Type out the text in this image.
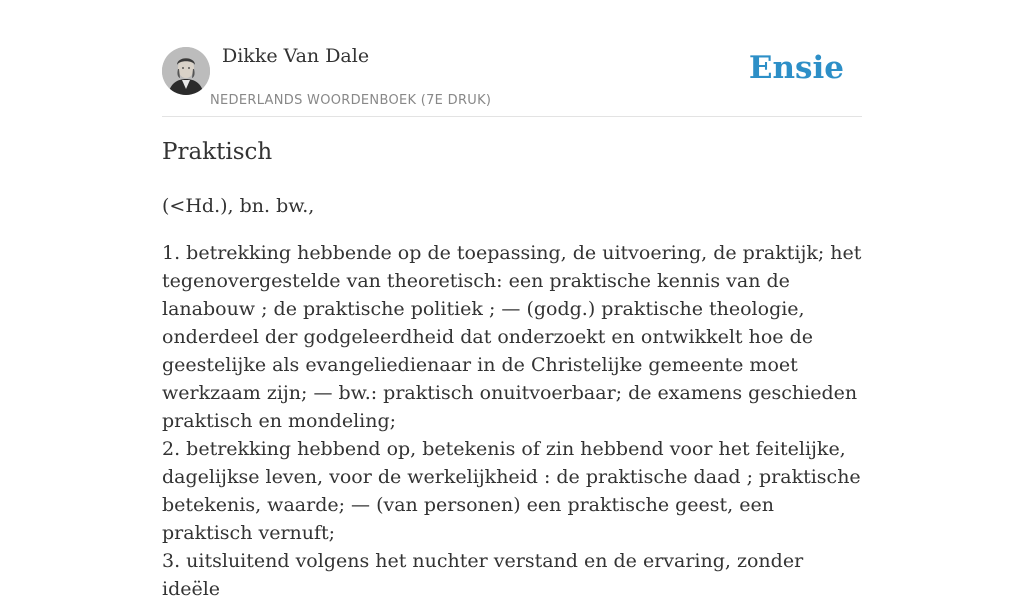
Dikke Van Dale
NEDERLANDS WOORDENBOEK (7E DRUK)
Ensie
Praktisch

(<Hd.), bn. bw.,

1. betrekking hebbende op de toepassing, de uitvoering, de praktijk; het tegenovergestelde van theoretisch: een praktische kennis van de lanabouw ; de praktische politiek ; — (godg.) praktische theologie, onderdeel der godgeleerdheid dat onderzoekt en ontwikkelt hoe de geestelijke als evangeliedienaar in de Christelijke gemeente moet werkzaam zijn; — bw.: praktisch onuitvoerbaar; de examens geschieden praktisch en mondeling;
2. betrekking hebbend op, betekenis of zin hebbend voor het feitelijke, dagelijkse leven, voor de werkelijkheid : de praktische daad ; praktische betekenis, waarde; — (van personen) een praktische geest, een praktisch vernuft;
3. uitsluitend volgens het nuchter verstand en de ervaring, zonder ideële
